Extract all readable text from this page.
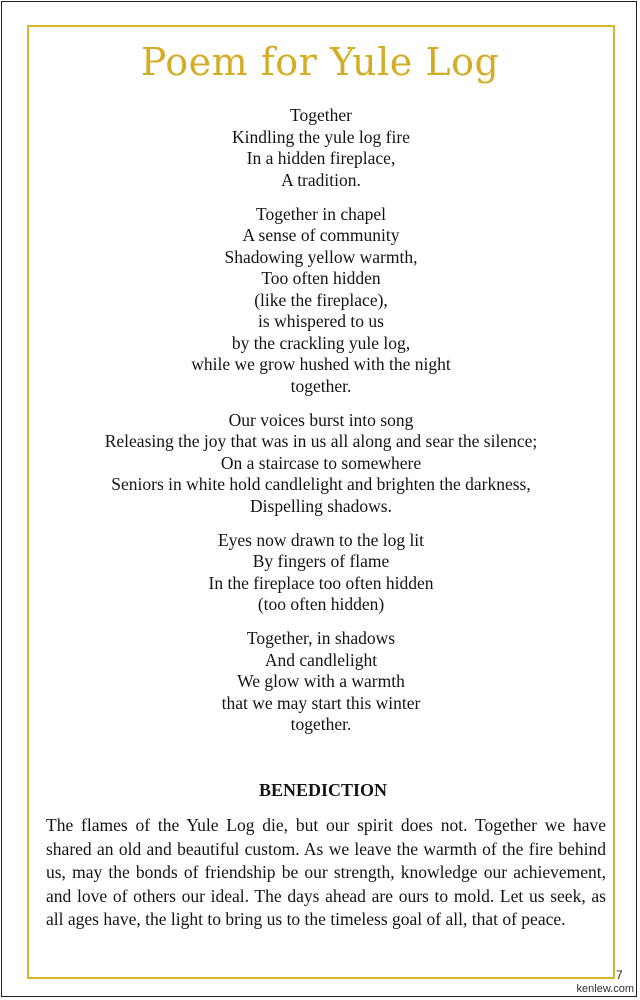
Poem for Yule Log
Together
Kindling the yule log fire
In a hidden fireplace,
A tradition.
Together in chapel
A sense of community
Shadowing yellow warmth,
Too often hidden
(like the fireplace),
is whispered to us
by the crackling yule log,
while we grow hushed with the night
together.
Our voices burst into song
Releasing the joy that was in us all along and sear the silence;
On a staircase to somewhere
Seniors in white hold candlelight and brighten the darkness,
Dispelling shadows.
Eyes now drawn to the log lit
By fingers of flame
In the fireplace too often hidden
(too often hidden)
Together, in shadows
And candlelight
We glow with a warmth
that we may start this winter
together.
BENEDICTION
The flames of the Yule Log die, but our spirit does not. Together we have shared an old and beautiful custom. As we leave the warmth of the fire behind us, may the bonds of friendship be our strength, knowledge our achievement, and love of others our ideal. The days ahead are ours to mold. Let us seek, as all ages have, the light to bring us to the timeless goal of all, that of peace.
7
kenlew.com
